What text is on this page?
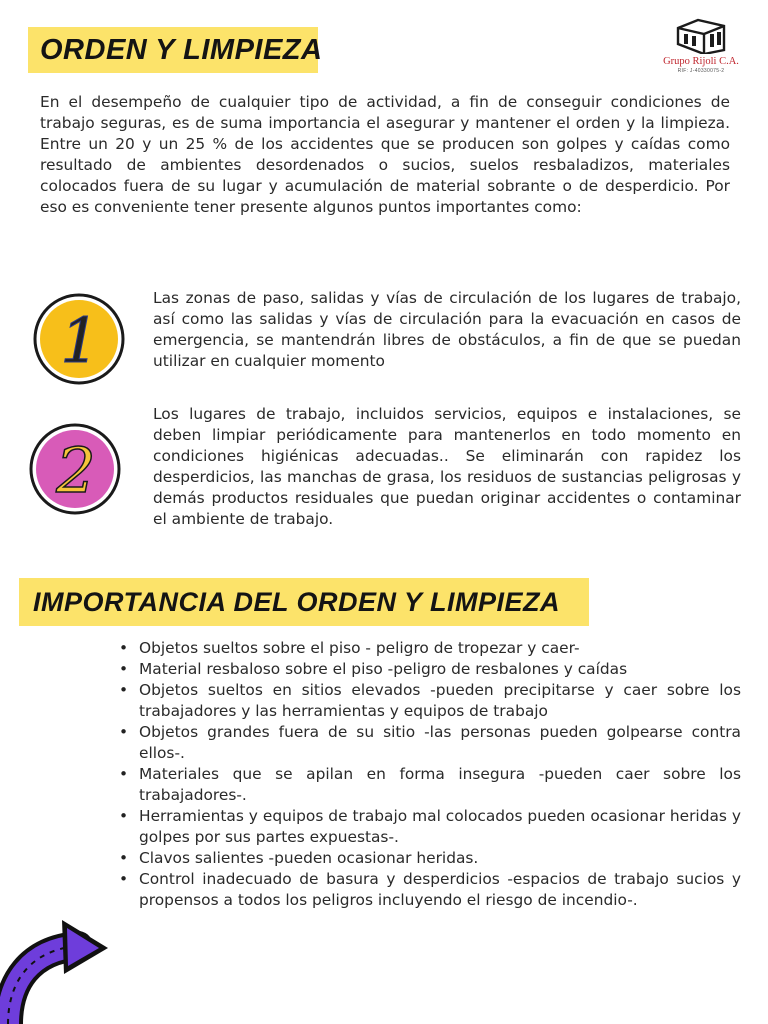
ORDEN Y LIMPIEZA	Grupo Rijoli C.A.
RIF: J-40330075-2
En el desempeño de cualquier tipo de actividad, a fin de conseguir condiciones de trabajo seguras, es de suma importancia el asegurar y mantener el orden y la limpieza. Entre un 20 y un 25 % de los accidentes que se producen son golpes y caídas como resultado de ambientes desordenados o sucios, suelos resbaladizos, materiales colocados fuera de su lugar y acumulación de material sobrante o de desperdicio. Por eso es conveniente tener presente algunos puntos importantes como:
1
Las zonas de paso, salidas y vías de circulación de los lugares de trabajo, así como las salidas y vías de circulación para la evacuación en casos de emergencia, se mantendrán libres de obstáculos, a fin de que se puedan utilizar en cualquier momento
2
Los lugares de trabajo, incluidos servicios, equipos e instalaciones, se deben limpiar periódicamente para mantenerlos en todo momento en condiciones higiénicas adecuadas.. Se eliminarán con rapidez los desperdicios, las manchas de grasa, los residuos de sustancias peligrosas y demás productos residuales que puedan originar accidentes o contaminar el ambiente de trabajo.
IMPORTANCIA DEL ORDEN Y LIMPIEZA
• Objetos sueltos sobre el piso - peligro de tropezar y caer-
• Material resbaloso sobre el piso -peligro de resbalones y caídas
• Objetos sueltos en sitios elevados -pueden precipitarse y caer sobre los trabajadores y las herramientas y equipos de trabajo
• Objetos grandes fuera de su sitio -las personas pueden golpearse contra ellos-.
• Materiales que se apilan en forma insegura -pueden caer sobre los trabajadores-.
• Herramientas y equipos de trabajo mal colocados pueden ocasionar heridas y golpes por sus partes expuestas-.
• Clavos salientes -pueden ocasionar heridas.
• Control inadecuado de basura y desperdicios -espacios de trabajo sucios y propensos a todos los peligros incluyendo el riesgo de incendio-.
